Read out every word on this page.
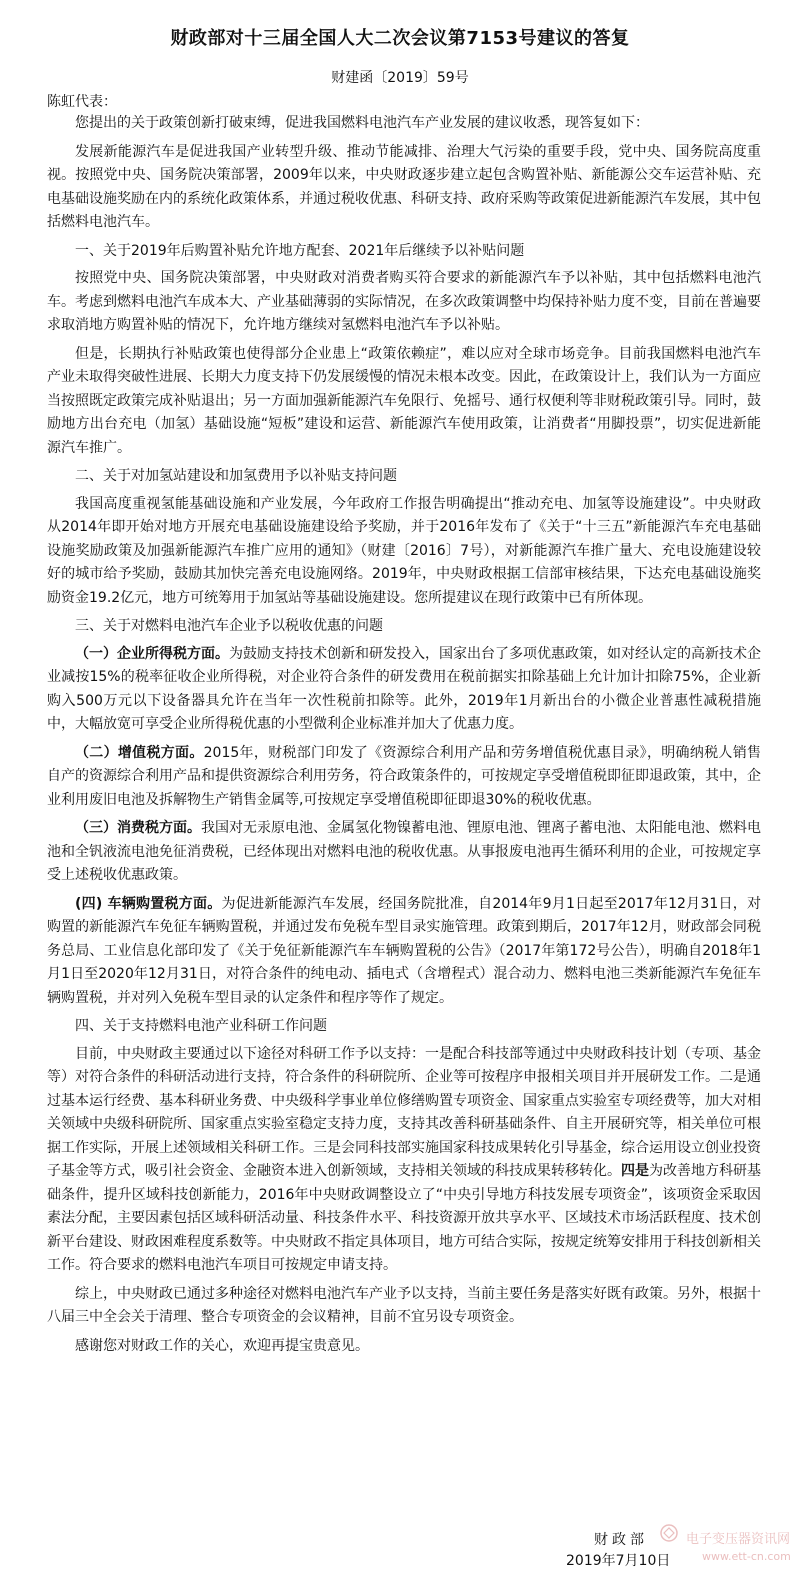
财政部对十三届全国人大二次会议第7153号建议的答复
财建函〔2019〕59号
陈虹代表：

您提出的关于政策创新打破束缚，促进我国燃料电池汽车产业发展的建议收悉，现答复如下：

发展新能源汽车是促进我国产业转型升级、推动节能减排、治理大气污染的重要手段，党中央、国务院高度重视。按照党中央、国务院决策部署，2009年以来，中央财政逐步建立起包含购置补贴、新能源公交车运营补贴、充电基础设施奖励在内的系统化政策体系，并通过税收优惠、科研支持、政府采购等政策促进新能源汽车发展，其中包括燃料电池汽车。

一、关于2019年后购置补贴允许地方配套、2021年后继续予以补贴问题

按照党中央、国务院决策部署，中央财政对消费者购买符合要求的新能源汽车予以补贴，其中包括燃料电池汽车。考虑到燃料电池汽车成本大、产业基础薄弱的实际情况，在多次政策调整中均保持补贴力度不变，目前在普遍要求取消地方购置补贴的情况下，允许地方继续对氢燃料电池汽车予以补贴。

但是，长期执行补贴政策也使得部分企业患上“政策依赖症”，难以应对全球市场竞争。目前我国燃料电池汽车产业未取得突破性进展、长期大力度支持下仍发展缓慢的情况未根本改变。因此，在政策设计上，我们认为一方面应当按照既定政策完成补贴退出；另一方面加强新能源汽车免限行、免摇号、通行权便利等非财税政策引导。同时，鼓励地方出台充电（加氢）基础设施“短板”建设和运营、新能源汽车使用政策，让消费者“用脚投票”，切实促进新能源汽车推广。

二、关于对加氢站建设和加氢费用予以补贴支持问题

我国高度重视氢能基础设施和产业发展，今年政府工作报告明确提出“推动充电、加氢等设施建设”。中央财政从2014年即开始对地方开展充电基础设施建设给予奖励，并于2016年发布了《关于“十三五”新能源汽车充电基础设施奖励政策及加强新能源汽车推广应用的通知》（财建〔2016〕7号），对新能源汽车推广量大、充电设施建设较好的城市给予奖励，鼓励其加快完善充电设施网络。2019年，中央财政根据工信部审核结果，下达充电基础设施奖励资金19.2亿元，地方可统筹用于加氢站等基础设施建设。您所提建议在现行政策中已有所体现。

三、关于对燃料电池汽车企业予以税收优惠的问题

（一）企业所得税方面。为鼓励支持技术创新和研发投入，国家出台了多项优惠政策，如对经认定的高新技术企业减按15%的税率征收企业所得税，对企业符合条件的研发费用在税前据实扣除基础上允计加计扣除75%，企业新购入500万元以下设备器具允许在当年一次性税前扣除等。此外，2019年1月新出台的小微企业普惠性减税措施中，大幅放宽可享受企业所得税优惠的小型微利企业标准并加大了优惠力度。

（二）增值税方面。2015年，财税部门印发了《资源综合利用产品和劳务增值税优惠目录》，明确纳税人销售自产的资源综合利用产品和提供资源综合利用劳务，符合政策条件的，可按规定享受增值税即征即退政策，其中，企业利用废旧电池及拆解物生产销售金属等,可按规定享受增值税即征即退30%的税收优惠。

（三）消费税方面。我国对无汞原电池、金属氢化物镍蓄电池、锂原电池、锂离子蓄电池、太阳能电池、燃料电池和全钒液流电池免征消费税，已经体现出对燃料电池的税收优惠。从事报废电池再生循环利用的企业，可按规定享受上述税收优惠政策。

(四) 车辆购置税方面。为促进新能源汽车发展，经国务院批准，自2014年9月1日起至2017年12月31日，对购置的新能源汽车免征车辆购置税，并通过发布免税车型目录实施管理。政策到期后，2017年12月，财政部会同税务总局、工业信息化部印发了《关于免征新能源汽车车辆购置税的公告》（2017年第172号公告），明确自2018年1月1日至2020年12月31日，对符合条件的纯电动、插电式（含增程式）混合动力、燃料电池三类新能源汽车免征车辆购置税，并对列入免税车型目录的认定条件和程序等作了规定。

四、关于支持燃料电池产业科研工作问题

目前，中央财政主要通过以下途径对科研工作予以支持：一是配合科技部等通过中央财政科技计划（专项、基金等）对符合条件的科研活动进行支持，符合条件的科研院所、企业等可按程序申报相关项目并开展研发工作。二是通过基本运行经费、基本科研业务费、中央级科学事业单位修缮购置专项资金、国家重点实验室专项经费等，加大对相关领域中央级科研院所、国家重点实验室稳定支持力度，支持其改善科研基础条件、自主开展研究等，相关单位可根据工作实际，开展上述领域相关科研工作。三是会同科技部实施国家科技成果转化引导基金，综合运用设立创业投资子基金等方式，吸引社会资金、金融资本进入创新领域，支持相关领域的科技成果转移转化。四是为改善地方科研基础条件，提升区域科技创新能力，2016年中央财政调整设立了“中央引导地方科技发展专项资金”，该项资金采取因素法分配，主要因素包括区域科研活动量、科技条件水平、科技资源开放共享水平、区域技术市场活跃程度、技术创新平台建设、财政困难程度系数等。中央财政不指定具体项目，地方可结合实际，按规定统筹安排用于科技创新相关工作。符合要求的燃料电池汽车项目可按规定申请支持。

综上，中央财政已通过多种途径对燃料电池汽车产业予以支持，当前主要任务是落实好既有政策。另外，根据十八届三中全会关于清理、整合专项资金的会议精神，目前不宜另设专项资金。

感谢您对财政工作的关心，欢迎再提宝贵意见。

财政部
2019年7月10日
电子变压器资讯网
www.ett-cn.com
